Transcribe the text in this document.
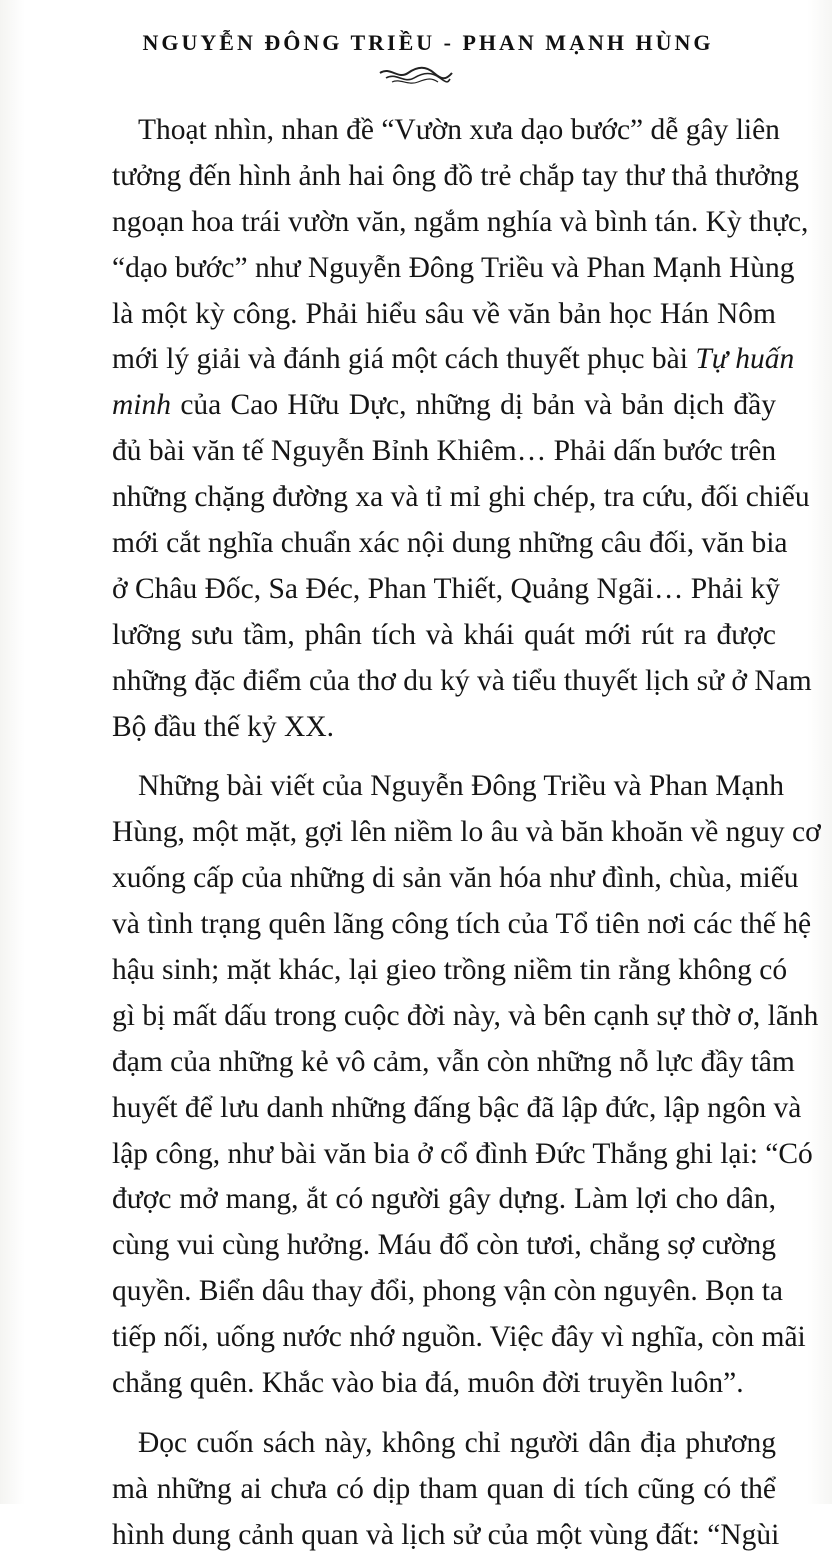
NGUYỄN ĐÔNG TRIỀU - PHAN MẠNH HÙNG
Thoạt nhìn, nhan đề “Vườn xưa dạo bước” dễ gây liên
tưởng đến hình ảnh hai ông đồ trẻ chắp tay thư thả thưởng
ngoạn hoa trái vườn văn, ngắm nghía và bình tán. Kỳ thực,
“dạo bước” như Nguyễn Đông Triều và Phan Mạnh Hùng
là một kỳ công. Phải hiểu sâu về văn bản học Hán Nôm
mới lý giải và đánh giá một cách thuyết phục bài Tự huấn
minh của Cao Hữu Dực, những dị bản và bản dịch đầy
đủ bài văn tế Nguyễn Bỉnh Khiêm… Phải dấn bước trên
những chặng đường xa và tỉ mỉ ghi chép, tra cứu, đối chiếu
mới cắt nghĩa chuẩn xác nội dung những câu đối, văn bia
ở Châu Đốc, Sa Đéc, Phan Thiết, Quảng Ngãi… Phải kỹ
lưỡng sưu tầm, phân tích và khái quát mới rút ra được
những đặc điểm của thơ du ký và tiểu thuyết lịch sử ở Nam
Bộ đầu thế kỷ XX.
Những bài viết của Nguyễn Đông Triều và Phan Mạnh
Hùng, một mặt, gợi lên niềm lo âu và băn khoăn về nguy cơ
xuống cấp của những di sản văn hóa như đình, chùa, miếu
và tình trạng quên lãng công tích của Tổ tiên nơi các thế hệ
hậu sinh; mặt khác, lại gieo trồng niềm tin rằng không có
gì bị mất dấu trong cuộc đời này, và bên cạnh sự thờ ơ, lãnh
đạm của những kẻ vô cảm, vẫn còn những nỗ lực đầy tâm
huyết để lưu danh những đấng bậc đã lập đức, lập ngôn và
lập công, như bài văn bia ở cổ đình Đức Thắng ghi lại: “Có
được mở mang, ắt có người gây dựng. Làm lợi cho dân,
cùng vui cùng hưởng. Máu đổ còn tươi, chẳng sợ cường
quyền. Biển dâu thay đổi, phong vận còn nguyên. Bọn ta
tiếp nối, uống nước nhớ nguồn. Việc đây vì nghĩa, còn mãi
chẳng quên. Khắc vào bia đá, muôn đời truyền luôn”.
Đọc cuốn sách này, không chỉ người dân địa phương
mà những ai chưa có dịp tham quan di tích cũng có thể
hình dung cảnh quan và lịch sử của một vùng đất: “Ngùi
